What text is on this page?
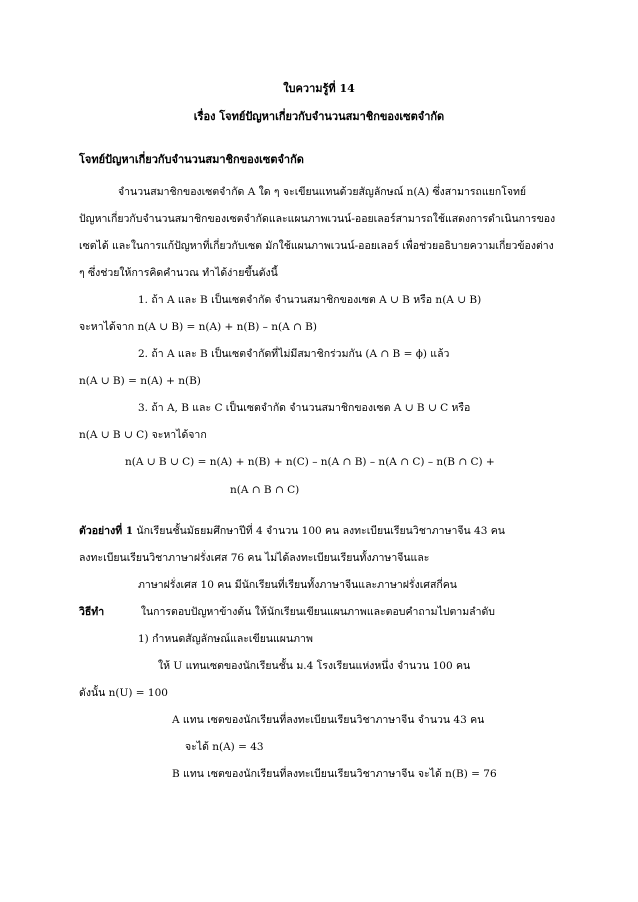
ใบความรู้ที่ 14
เรื่อง โจทย์ปัญหาเกี่ยวกับจำนวนสมาชิกของเซตจำกัด
โจทย์ปัญหาเกี่ยวกับจำนวนสมาชิกของเซตจำกัด
จำนวนสมาชิกของเซตจำกัด A ใด ๆ จะเขียนแทนด้วยสัญลักษณ์ n(A) ซึ่งสามารถแยกโจทย์
ปัญหาเกี่ยวกับจำนวนสมาชิกของเซตจำกัดและแผนภาพเวนน์-ออยเลอร์สามารถใช้แสดงการดำเนินการของ
เซตได้ และในการแก้ปัญหาที่เกี่ยวกับเซต มักใช้แผนภาพเวนน์-ออยเลอร์ เพื่อช่วยอธิบายความเกี่ยวข้องต่าง
ๆ ซึ่งช่วยให้การคิดคำนวณ ทำได้ง่ายขึ้นดังนี้
1. ถ้า A และ B เป็นเซตจำกัด จำนวนสมาชิกของเซต A ∪ B หรือ n(A ∪ B)
จะหาได้จาก n(A ∪ B) = n(A) + n(B) – n(A ∩ B)
2. ถ้า A และ B เป็นเซตจำกัดที่ไม่มีสมาชิกร่วมกัน (A ∩ B = ϕ) แล้ว
n(A ∪ B) = n(A) + n(B)
3. ถ้า A, B และ C เป็นเซตจำกัด จำนวนสมาชิกของเซต A ∪ B ∪ C หรือ
n(A ∪ B ∪ C) จะหาได้จาก
n(A ∪ B ∪ C) = n(A) + n(B) + n(C) – n(A ∩ B) – n(A ∩ C) – n(B ∩ C) +
n(A ∩ B ∩ C)
ตัวอย่างที่ 1 นักเรียนชั้นมัธยมศึกษาปีที่ 4 จำนวน 100 คน ลงทะเบียนเรียนวิชาภาษาจีน 43 คน
ลงทะเบียนเรียนวิชาภาษาฝรั่งเศส 76 คน ไม่ได้ลงทะเบียนเรียนทั้งภาษาจีนและ
ภาษาฝรั่งเศส 10 คน มีนักเรียนที่เรียนทั้งภาษาจีนและภาษาฝรั่งเศสกี่คน
วิธีทำ	ในการตอบปัญหาข้างต้น ให้นักเรียนเขียนแผนภาพและตอบคำถามไปตามลำดับ
1) กำหนดสัญลักษณ์และเขียนแผนภาพ
ให้ U แทนเซตของนักเรียนชั้น ม.4 โรงเรียนแห่งหนึ่ง จำนวน 100 คน
ดังนั้น n(U) = 100
A แทน เซตของนักเรียนที่ลงทะเบียนเรียนวิชาภาษาจีน จำนวน 43 คน
จะได้ n(A) = 43
B แทน เซตของนักเรียนที่ลงทะเบียนเรียนวิชาภาษาจีน จะได้ n(B) = 76
